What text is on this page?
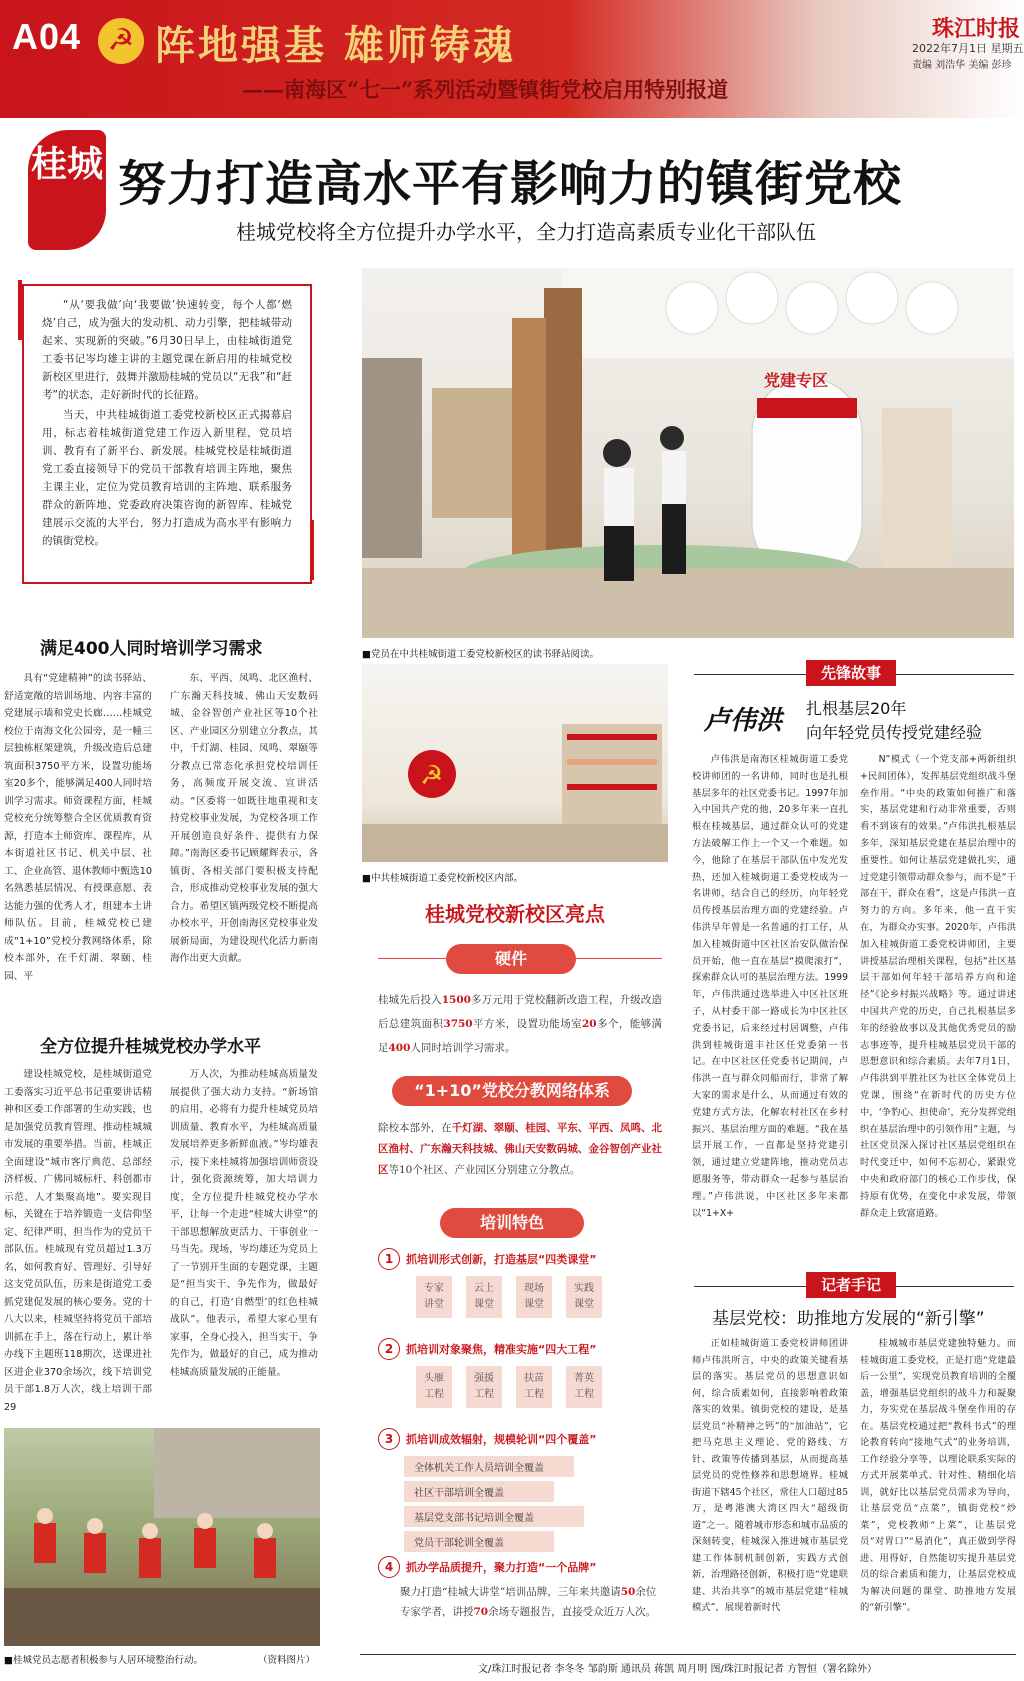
A04 ☭ 阵地强基 雄师铸魂
——南海区“七一”系列活动暨镇街党校启用特别报道
珠江时报
2022年7月1日 星期五
责编 刘浩华 美编 彭珍
桂城 努力打造高水平有影响力的镇街党校
桂城党校将全方位提升办学水平，全力打造高素质专业化干部队伍

“从‘要我做’向‘我要做’快速转变，每个人都‘燃烧’自己，成为强大的发动机、动力引擎，把桂城带动起来、实现新的突破。”6月30日早上，由桂城街道党工委书记岑均雄主讲的主题党课在新启用的桂城党校新校区里进行，鼓舞并激励桂城的党员以“无我”和“赶考”的状态，走好新时代的长征路。

当天，中共桂城街道工委党校新校区正式揭幕启用，标志着桂城街道党建工作迈入新里程，党员培训、教育有了新平台、新发展。桂城党校是桂城街道党工委直接领导下的党员干部教育培训主阵地，聚焦主课主业，定位为党员教育培训的主阵地、联系服务群众的新阵地、党委政府决策咨询的新智库、桂城党建展示交流的大平台，努力打造成为高水平有影响力的镇街党校。

党建专区
■党员在中共桂城街道工委党校新校区的读书驿站阅读。
满足400人同时培训学习需求

具有“党建精神”的读书驿站、舒适宽敞的培训场地、内容丰富的党建展示墙和党史长廊……桂城党校位于南海文化公园旁，是一幢三层独栋框架建筑，升级改造后总建筑面积3750平方米，设置功能场室20多个，能够满足400人同时培训学习需求。师资课程方面，桂城党校充分统筹整合全区优质教育资源，打造本土师资库、课程库，从本街道社区书记、机关中层、社工、企业高管、退休教师中甄选10名熟悉基层情况、有授课意愿、表达能力强的优秀人才，组建本土讲师队伍。目前，桂城党校已建成“1+10”党校分教网络体系，除校本部外，在千灯湖、翠颐、桂园、平

东、平西、凤鸣、北区渔村、广东瀚天科技城、佛山天安数码城、金谷智创产业社区等10个社区、产业园区分别建立分教点，其中，千灯湖、桂园、凤鸣、翠颐等分教点已常态化承担党校培训任务，高频度开展交流、宣讲活动。“区委将一如既往地重视和支持党校事业发展，为党校各项工作开展创造良好条件、提供有力保障。”南海区委书记顾耀辉表示，各镇街、各相关部门要积极支持配合，形成推动党校事业发展的强大合力。希望区镇两级党校不断提高办校水平，开创南海区党校事业发展新局面，为建设现代化活力新南海作出更大贡献。

☭
■中共桂城街道工委党校新校区内部。
全方位提升桂城党校办学水平

建设桂城党校，是桂城街道党工委落实习近平总书记重要讲话精神和区委工作部署的生动实践，也是加强党员教育管理、推动桂城城市发展的重要举措。当前，桂城正全面建设“城市客厅典范、总部经济样板、广佛同城标杆、科创都市示范、人才集聚高地”。要实现目标，关键在于培养锻造一支信仰坚定、纪律严明、担当作为的党员干部队伍。桂城现有党员超过1.3万名，如何教育好、管理好、引导好这支党员队伍，历来是街道党工委抓党建促发展的核心要务。党的十八大以来，桂城坚持将党员干部培训抓在手上，落在行动上，累计举办线下主题班118期次，送课进社区进企业370余场次，线下培训党员干部1.8万人次，线上培训干部29

万人次，为推动桂城高质量发展提供了强大动力支持。“新场馆的启用，必将有力提升桂城党员培训质量、教育水平，为桂城高质量发展培养更多新鲜血液。”岑均雄表示，接下来桂城将加强培训师资设计，强化资源统筹，加大培训力度，全方位提升桂城党校办学水平，让每一个走进“桂城大讲堂”的干部思想解放更活力、干事创业一马当先。现场，岑均雄还为党员上了一节别开生面的专题党课，主题是“担当实干、争先作为，做最好的自己，打造‘自燃型’的红色桂城战队”。他表示，希望大家心里有家事，全身心投入，担当实干、争先作为，做最好的自己，成为推动桂城高质量发展的正能量。

■桂城党员志愿者积极参与人居环境整治行动。	（资料图片）
桂城党校新校区亮点
硬件
桂城先后投入1500多万元用于党校翻新改造工程，升级改造后总建筑面积3750平方米，设置功能场室20多个，能够满足400人同时培训学习需求。
“1+10”党校分教网络体系
除校本部外，在千灯湖、翠颐、桂园、平东、平西、凤鸣、北区渔村、广东瀚天科技城、佛山天安数码城、金谷智创产业社区等10个社区、产业园区分别建立分教点。
培训特色
1 抓培训形式创新，打造基层“四类课堂”
专家讲堂
云上课堂
现场课堂
实践课堂
2 抓培训对象聚焦，精准实施“四大工程”
头雁工程
强援工程
扶苗工程
菁英工程
3 抓培训成效辐射，规模轮训“四个覆盖”
全体机关工作人员培训全覆盖
社区干部培训全覆盖
基层党支部书记培训全覆盖
党员干部轮训全覆盖
4 抓办学品质提升，聚力打造“一个品牌”
聚力打造“桂城大讲堂”培训品牌，三年来共邀请50余位专家学者，讲授70余场专题报告，直接受众近万人次。
先锋故事
卢伟洪 扎根基层20年
向年轻党员传授党建经验

卢伟洪是南海区桂城街道工委党校讲师团的一名讲师，同时也是扎根基层多年的社区党委书记。1997年加入中国共产党的他，20多年来一直扎根在桂城基层，通过群众认可的党建方法破解工作上一个又一个难题。如今，他除了在基层干部队伍中发光发热，还加入桂城街道工委党校成为一名讲师，结合自己的经历，向年轻党员传授基层治理方面的党建经验。卢伟洪早年曾是一名普通的打工仔，从加入桂城街道中区社区治安队做治保员开始，他一直在基层“摸爬滚打”，探索群众认可的基层治理方法。1999年，卢伟洪通过选举进入中区社区班子，从村委干部一路成长为中区社区党委书记，后来经过村居调整，卢伟洪到桂城街道丰社区任党委第一书记。在中区社区任党委书记期间，卢伟洪一直与群众同船而行，非常了解大家的需求是什么，从而通过有效的党建方式方法，化解农村社区在乡村振兴、基层治理方面的难题。“我在基层开展工作，一直都是坚持党建引领，通过建立党建阵地，推动党员志愿服务等，带动群众一起参与基层治理。”卢伟洪说，中区社区多年来都以“1+X+

N”模式（一个党支部+两新组织+民间团体），发挥基层党组织战斗堡垒作用。“中央的政策如何推广和落实，基层党建和行动非常重要，否则看不到该有的效果。”卢伟洪扎根基层多年，深知基层党建在基层治理中的重要性。如何让基层党建做扎实，通过党建引领带动群众参与，而不是“干部在干，群众在看”，这是卢伟洪一直努力的方向。多年来，他一直干实在，为群众办实事。2020年，卢伟洪加入桂城街道工委党校讲师团，主要讲授基层治理相关课程，包括“社区基层干部如何年轻干部培养方向和途径”《论乡村振兴战略》等。通过讲述中国共产党的历史，自己扎根基层多年的经验故事以及其他优秀党员的励志事迹等，提升桂城基层党员干部的思想意识和综合素质。去年7月1日，卢伟洪到平胜社区为社区全体党员上党课，围绕“在新时代的历史方位中，‘争豹心、担使命’，充分发挥党组织在基层治理中的引领作用”主题，与社区党员深入探讨社区基层党组织在时代变迁中，如何不忘初心，紧跟党中央和政府部门的核心工作步伐，保持原有优势，在变化中求发展，带领群众走上致富道路。

记者手记
基层党校：助推地方发展的“新引擎”

正如桂城街道工委党校讲师团讲师卢伟洪所言，中央的政策关键看基层的落实。基层党员的思想意识如何，综合质素如何，直接影响着政策落实的效果。镇街党校的建设，是基层党员“补精神之钙”的“加油站”，它把马克思主义理论、党的路线、方针、政策等传播到基层，从而提高基层党员的党性修养和思想境界。桂城街道下辖45个社区，常住人口超过85万，是粤港澳大湾区四大“超级街道”之一。随着城市形态和城市品质的深刻转变，桂城深入推进城市基层党建工作体制机制创新，实践方式创新，治理路径创新，积极打造“党建联建、共治共享”的城市基层党建“桂城模式”，展现着新时代

桂城城市基层党建独特魅力。而桂城街道工委党校，正是打造“党建最后一公里”，实现党员教育培训的全覆盖，增强基层党组织的战斗力和凝聚力，夯实党在基层战斗堡垒作用的存在。基层党校通过把“教科书式”的理论教育转向“接地气式”的业务培训，工作经验分享等，以理论联系实际的方式开展菜单式、针对性、精细化培训，就好比以基层党员需求为导向，让基层党员“点菜”，镇街党校“炒菜”，党校教师“上菜”，让基层党员“对胃口”“易消化”，真正做到学得进、用得好，自然能切实提升基层党员的综合素质和能力，让基层党校成为解决问题的课堂、助推地方发展的“新引擎”。

文/珠江时报记者 李冬冬 邹韵斯 通讯员 蒋凯 周月明 图/珠江时报记者 方智恒（署名除外）
